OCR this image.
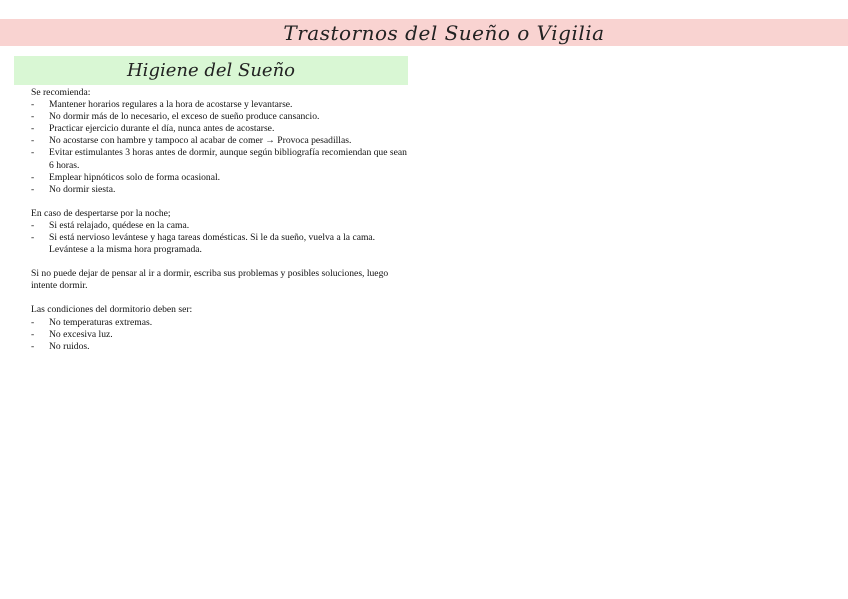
Trastornos del Sueño o Vigilia
Higiene del Sueño

Se recomienda:

- Mantener horarios regulares a la hora de acostarse y levantarse.
- No dormir más de lo necesario, el exceso de sueño produce cansancio.
- Practicar ejercicio durante el día, nunca antes de acostarse.
- No acostarse con hambre y tampoco al acabar de comer → Provoca pesadillas.
- Evitar estimulantes 3 horas antes de dormir, aunque según bibliografía recomiendan que sean 6 horas.
- Emplear hipnóticos solo de forma ocasional.
- No dormir siesta.

En caso de despertarse por la noche;

- Si está relajado, quédese en la cama.
- Si está nervioso levántese y haga tareas domésticas. Si le da sueño, vuelva a la cama. Levántese a la misma hora programada.

Si no puede dejar de pensar al ir a dormir, escriba sus problemas y posibles soluciones, luego intente dormir.

Las condiciones del dormitorio deben ser:

- No temperaturas extremas.
- No excesiva luz.
- No ruidos.
